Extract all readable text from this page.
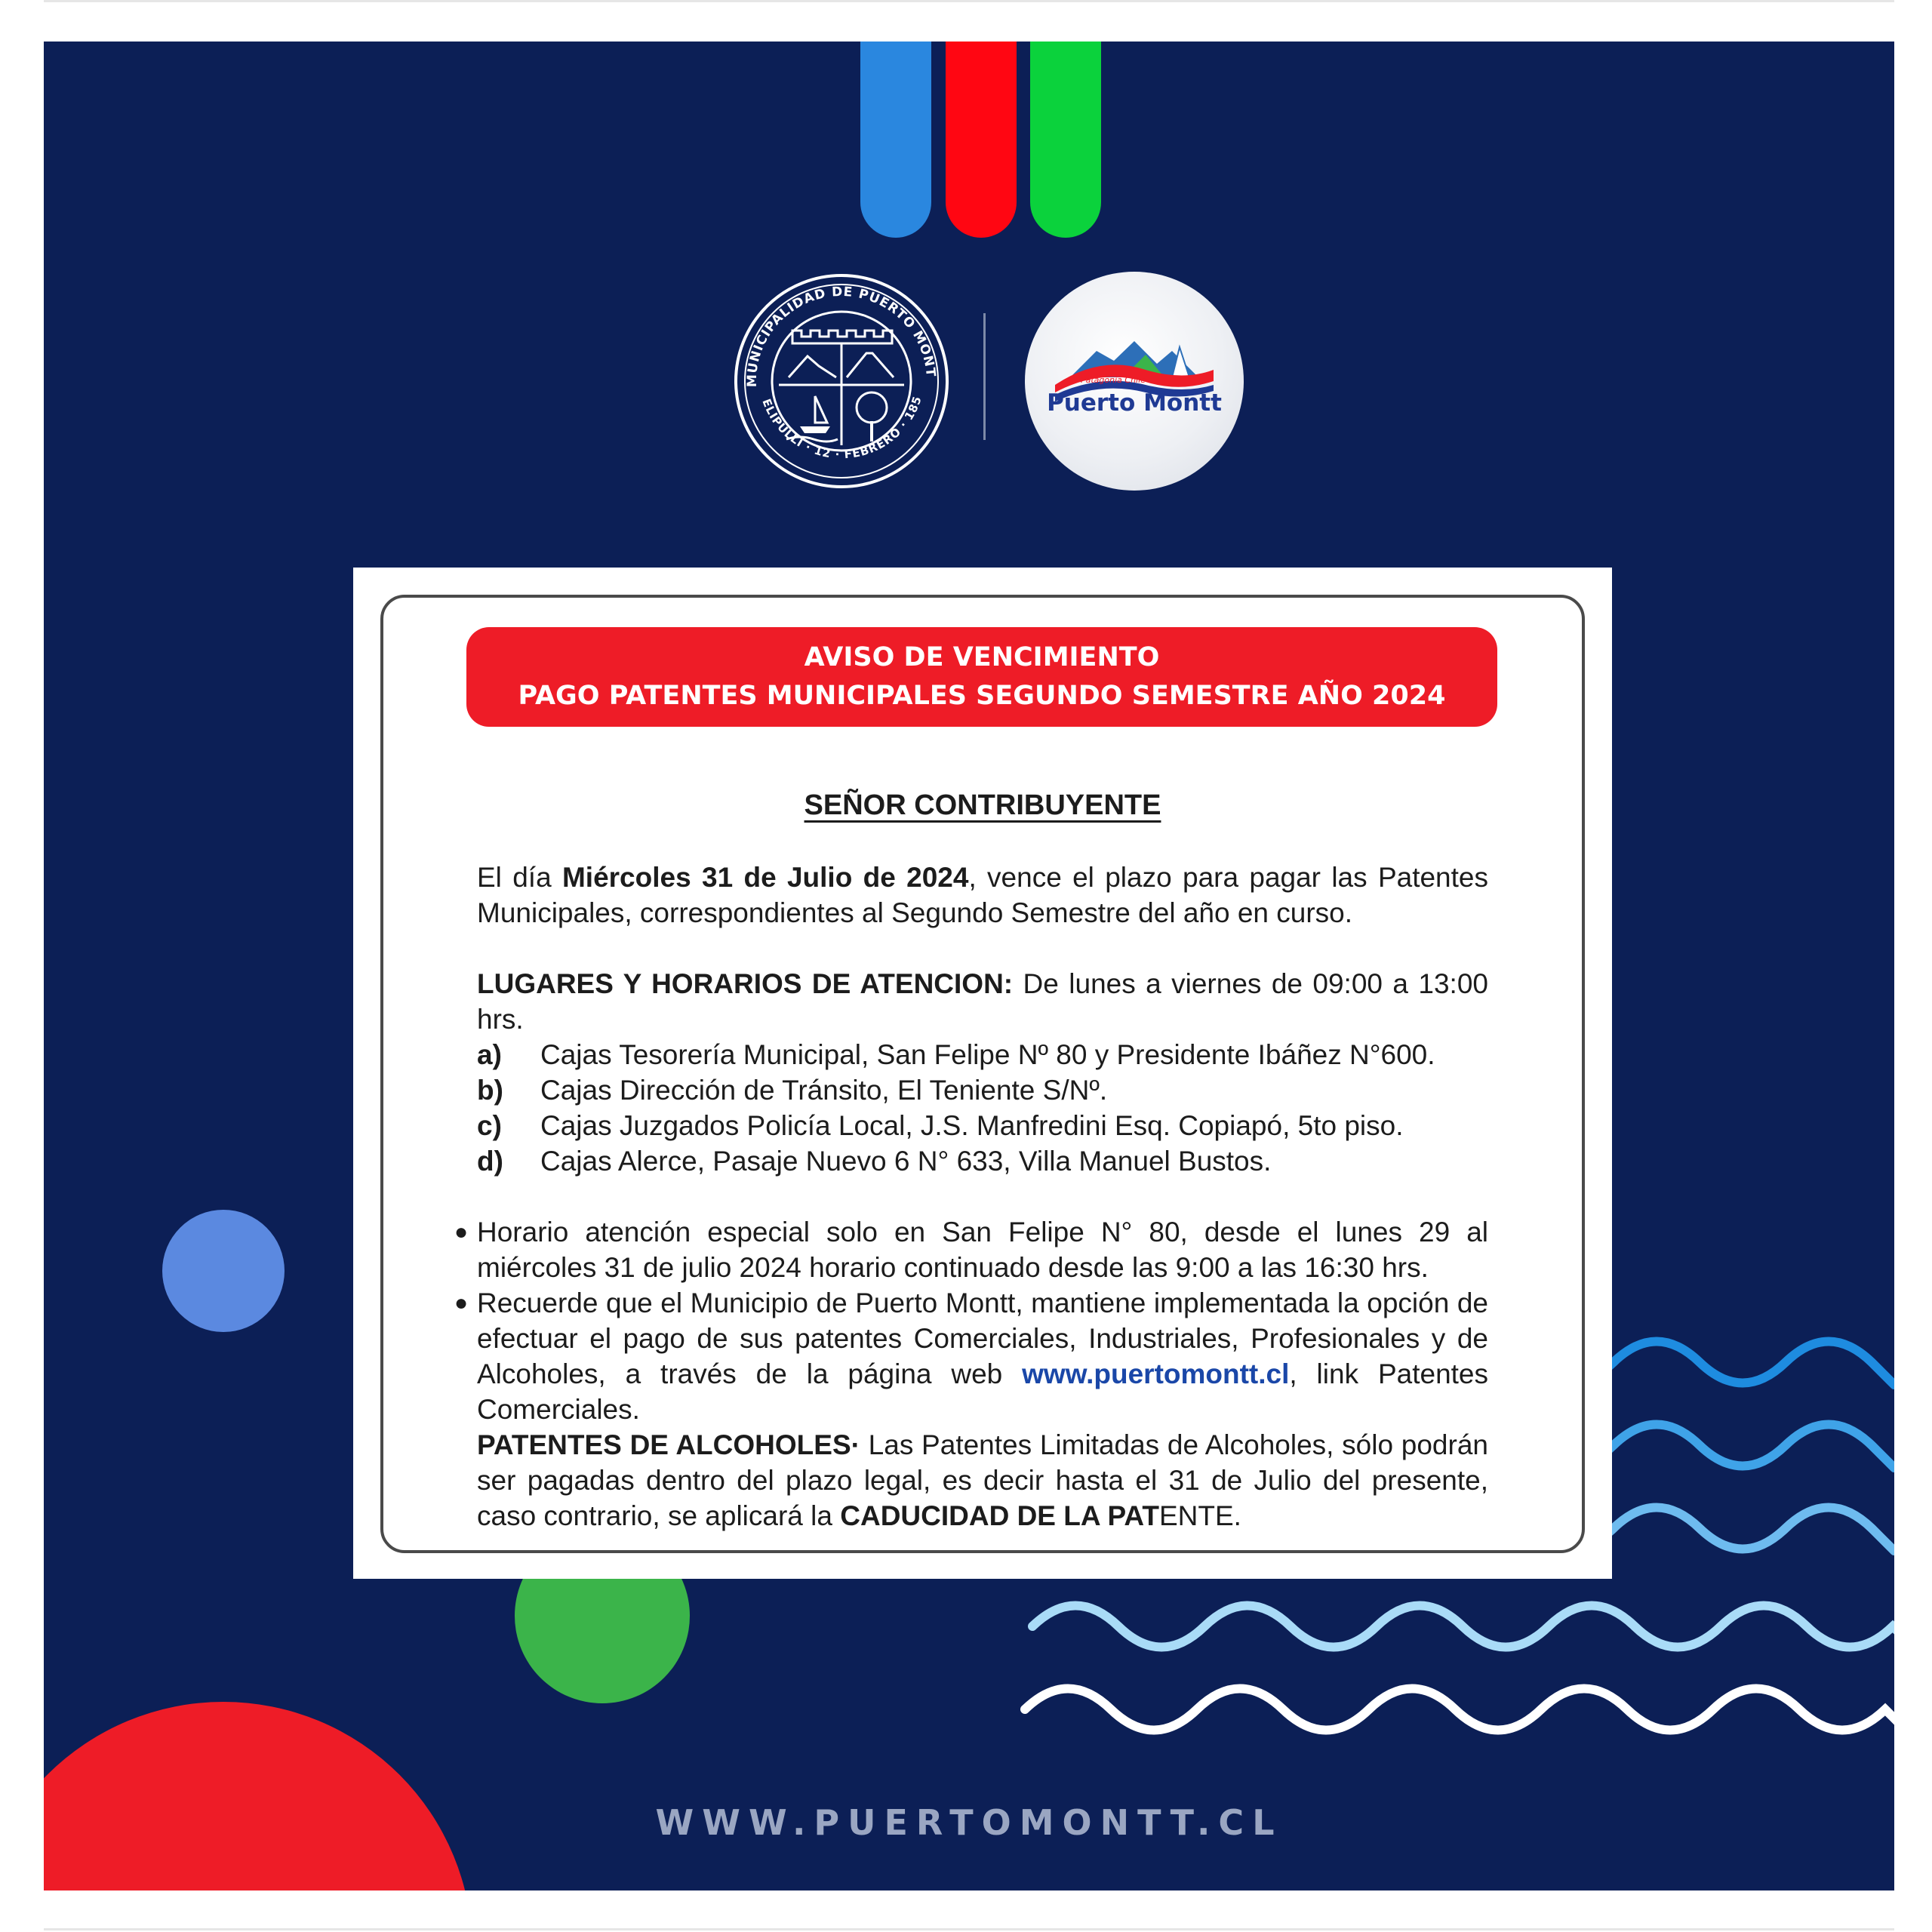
MUNICIPALIDAD DE PUERTO MONT
ELIPULLI · 12 · FEBRERO · 185
Patagonia Chile
Puerto Montt
AVISO DE VENCIMIENTO
PAGO PATENTES MUNICIPALES SEGUNDO SEMESTRE AÑO 2024
SEÑOR CONTRIBUYENTE

El día Miércoles 31 de Julio de 2024, vence el plazo para pagar las Patentes Municipales, correspondientes al Segundo Semestre del año en curso.

LUGARES Y HORARIOS DE ATENCION: De lunes a viernes de 09:00 a 13:00 hrs.

a)	Cajas Tesorería Municipal, San Felipe Nº 80 y Presidente Ibáñez N°600.
b)	Cajas Dirección de Tránsito, El Teniente S/Nº.
c)	Cajas Juzgados Policía Local, J.S. Manfredini Esq. Copiapó, 5to piso.
d)	Cajas Alerce, Pasaje Nuevo 6 N° 633, Villa Manuel Bustos.
● Horario atención especial solo en San Felipe N° 80, desde el lunes 29 al miércoles 31 de julio 2024 horario continuado desde las 9:00 a las 16:30 hrs.
● Recuerde que el Municipio de Puerto Montt, mantiene implementada la opción de efectuar el pago de sus patentes Comerciales, Industriales, Profesionales y de Alcoholes, a través de la página web www.puertomontt.cl, link Patentes Comerciales.
PATENTES DE ALCOHOLES· Las Patentes Limitadas de Alcoholes, sólo podrán ser pagadas dentro del plazo legal, es decir hasta el 31 de Julio del presente, caso contrario, se aplicará la CADUCIDAD DE LA PATENTE.
WWW.PUERTOMONTT.CL
